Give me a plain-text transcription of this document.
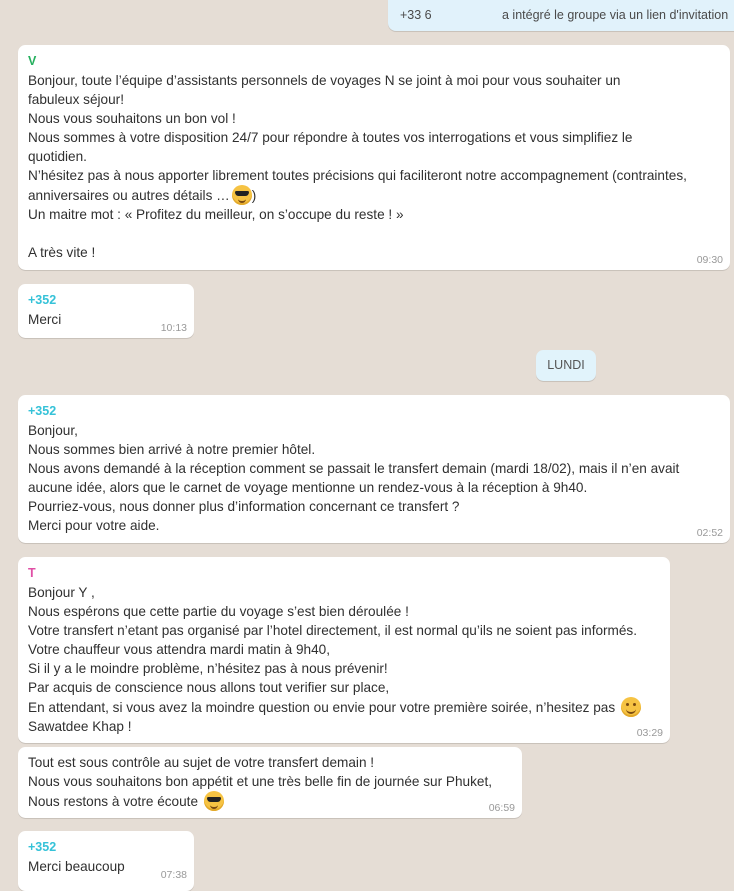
+33 6	a intégré le groupe via un lien d'invitation
V
Bonjour, toute l’équipe d’assistants personnels de voyages N se joint à moi pour vous souhaiter un
fabuleux séjour!
Nous vous souhaitons un bon vol !
Nous sommes à votre disposition 24/7 pour répondre à toutes vos interrogations et vous simplifiez le
quotidien.
N’hésitez pas à nous apporter librement toutes précisions qui faciliteront notre accompagnement (contraintes,
anniversaires ou autres détails … )
Un maitre mot : « Profitez du meilleur, on s’occupe du reste ! »
A très vite !	09:30
+352
Merci
10:13
LUNDI
+352
Bonjour,
Nous sommes bien arrivé à notre premier hôtel.
Nous avons demandé à la réception comment se passait le transfert demain (mardi 18/02), mais il n’en avait
aucune idée, alors que le carnet de voyage mentionne un rendez-vous à la réception à 9h40.
Pourriez-vous, nous donner plus d’information concernant ce transfert ?
Merci pour votre aide.	02:52
T
Bonjour Y ,
Nous espérons que cette partie du voyage s’est bien déroulée !
Votre transfert n’etant pas organisé par l’hotel directement, il est normal qu’ils ne soient pas informés.
Votre chauffeur vous attendra mardi matin à 9h40,
Si il y a le moindre problème, n’hésitez pas à nous prévenir!
Par acquis de conscience nous allons tout verifier sur place,
En attendant, si vous avez la moindre question ou envie pour votre première soirée, n’hesitez pas
Sawatdee Khap !	03:29
Tout est sous contrôle au sujet de votre transfert demain !
Nous vous souhaitons bon appétit et une très belle fin de journée sur Phuket,
Nous restons à votre écoute	06:59
+352
Merci beaucoup
07:38
